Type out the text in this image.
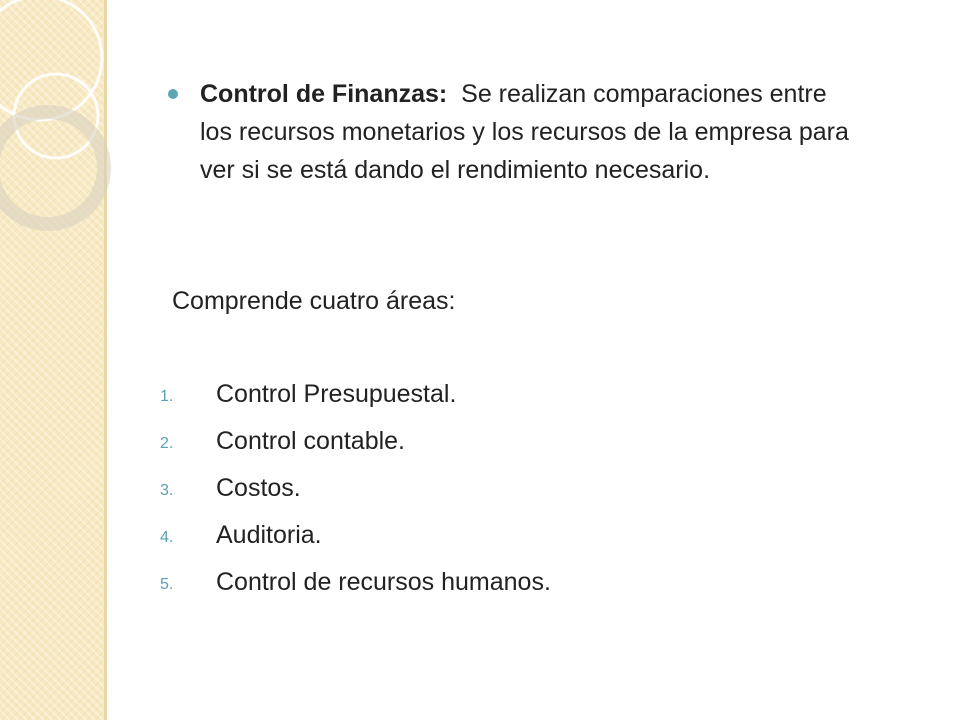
Control de Finanzas: Se realizan comparaciones entre los recursos monetarios y los recursos de la empresa para ver si se está dando el rendimiento necesario.
Comprende cuatro áreas:
1. Control Presupuestal.
2. Control contable.
3. Costos.
4. Auditoria.
5. Control de recursos humanos.
